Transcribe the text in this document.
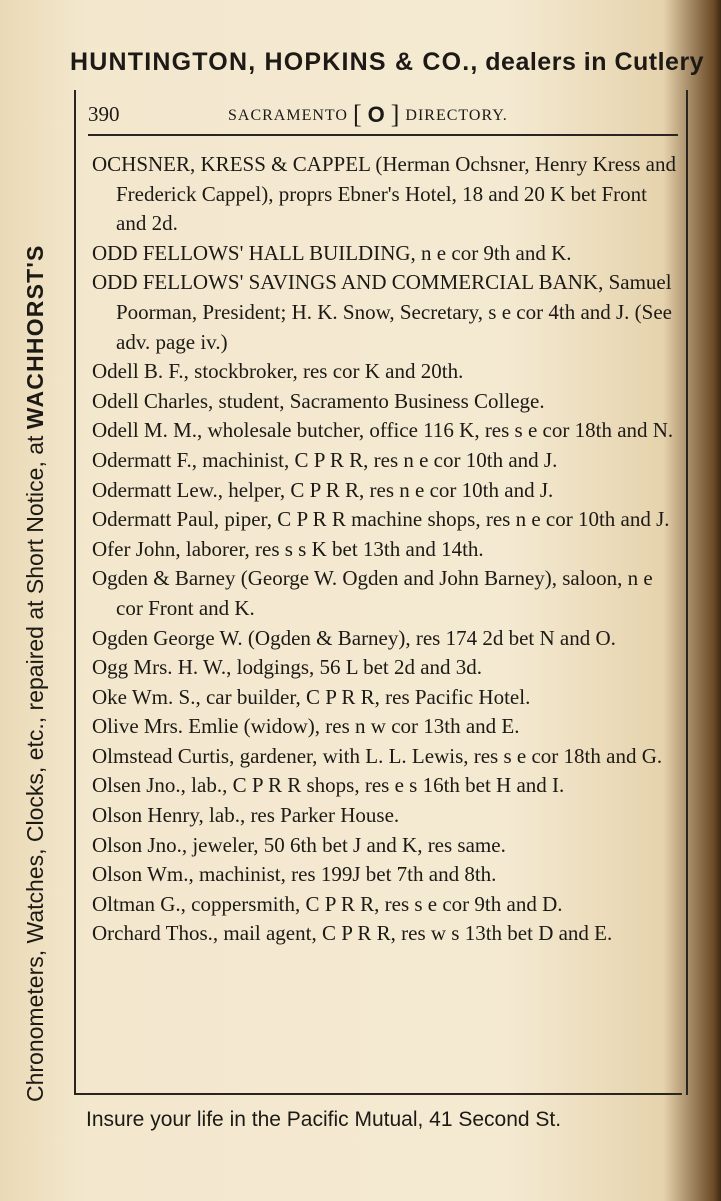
HUNTINGTON, HOPKINS & CO., dealers in Cutlery
Chronometers, Watches, Clocks, etc., repaired at Short Notice, at WACHHORST'S
390	SACRAMENTO [ O ] DIRECTORY.
OCHSNER, KRESS & CAPPEL (Herman Ochsner, Henry Kress and Frederick Cappel), proprs Ebner's Hotel, 18 and 20 K bet Front and 2d.
ODD FELLOWS' HALL BUILDING, n e cor 9th and K.
ODD FELLOWS' SAVINGS AND COMMERCIAL BANK, Samuel Poorman, President; H. K. Snow, Secretary, s e cor 4th and J. (See adv. page iv.)
Odell B. F., stockbroker, res cor K and 20th.
Odell Charles, student, Sacramento Business College.
Odell M. M., wholesale butcher, office 116 K, res s e cor 18th and N.
Odermatt F., machinist, C P R R, res n e cor 10th and J.
Odermatt Lew., helper, C P R R, res n e cor 10th and J.
Odermatt Paul, piper, C P R R machine shops, res n e cor 10th and J.
Ofer John, laborer, res s s K bet 13th and 14th.
Ogden & Barney (George W. Ogden and John Barney), saloon, n e cor Front and K.
Ogden George W. (Ogden & Barney), res 174 2d bet N and O.
Ogg Mrs. H. W., lodgings, 56 L bet 2d and 3d.
Oke Wm. S., car builder, C P R R, res Pacific Hotel.
Olive Mrs. Emlie (widow), res n w cor 13th and E.
Olmstead Curtis, gardener, with L. L. Lewis, res s e cor 18th and G.
Olsen Jno., lab., C P R R shops, res e s 16th bet H and I.
Olson Henry, lab., res Parker House.
Olson Jno., jeweler, 50 6th bet J and K, res same.
Olson Wm., machinist, res 199J bet 7th and 8th.
Oltman G., coppersmith, C P R R, res s e cor 9th and D.
Orchard Thos., mail agent, C P R R, res w s 13th bet D and E.
Insure your life in the Pacific Mutual, 41 Second St.
